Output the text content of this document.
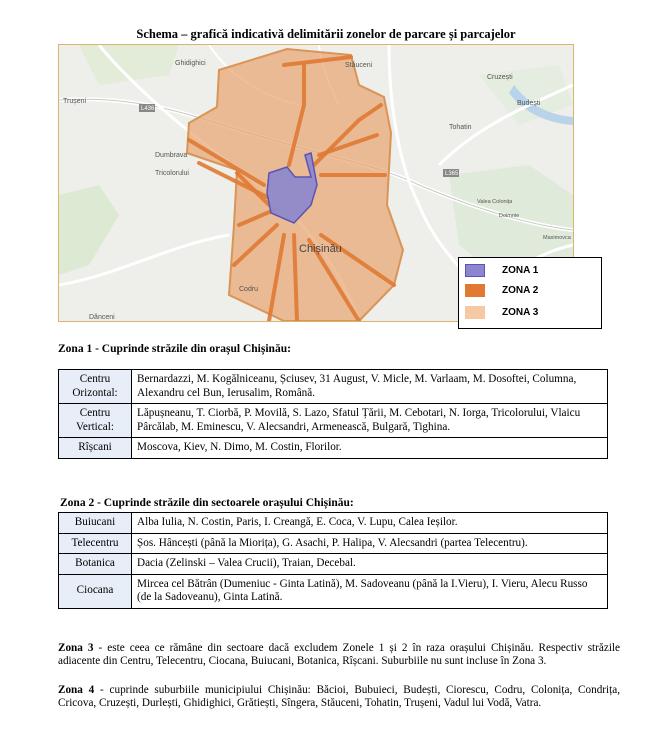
Schema – grafică indicativă delimitării zonelor de parcare și parcajelor
Ghidighici	Stăuceni
Cruzești
Trușeni
Tohatin
Budești
Dumbrava
Tricolorului
Valea Colonița
Doimnie
Maximovca
Codru
Dănceni
Chișinău
L436
L365
ZONA 1
ZONA 2
ZONA 3
Zona 1 - Cuprinde străzile din orașul Chișinău:
Centru Orizontal:	Bernardazzi, M. Kogălniceanu, Șciusev, 31 August, V. Micle, M. Varlaam, M. Dosoftei, Columna, Alexandru cel Bun, Ierusalim, Română.
Centru Vertical:	Lăpușneanu, T. Ciorbă, P. Movilă, S. Lazo, Sfatul Țării, M. Cebotari, N. Iorga, Tricolorului, Vlaicu Pârcălab, M. Eminescu, V. Alecsandri, Armenească, Bulgară, Tighina.
Rîșcani	Moscova, Kiev, N. Dimo, M. Costin, Florilor.
Zona 2 - Cuprinde străzile din sectoarele orașului Chișinău:
Buiucani	Alba Iulia, N. Costin, Paris, I. Creangă, E. Coca, V. Lupu, Calea Ieșilor.
Telecentru	Șos. Hâncești (până la Miorița), G. Asachi, P. Halipa, V. Alecsandri (partea Telecentru).
Botanica	Dacia (Zelinski – Valea Crucii), Traian, Decebal.
Ciocana	Mircea cel Bătrân (Dumeniuc - Ginta Latină), M. Sadoveanu (până la I.Vieru), I. Vieru, Alecu Russo (de la Sadoveanu), Ginta Latină.
Zona 3 - este ceea ce rămâne din sectoare dacă excludem Zonele 1 și 2 în raza orașului Chișinău. Respectiv străzile adiacente din Centru, Telecentru, Ciocana, Buiucani, Botanica, Rîșcani. Suburbiile nu sunt incluse în Zona 3.
Zona 4 - cuprinde suburbiile municipiului Chișinău: Băcioi, Bubuieci, Budești, Ciorescu, Codru, Colonița, Condrița, Cricova, Cruzești, Durlești, Ghidighici, Grătiești, Sîngera, Stăuceni, Tohatin, Trușeni, Vadul lui Vodă, Vatra.
